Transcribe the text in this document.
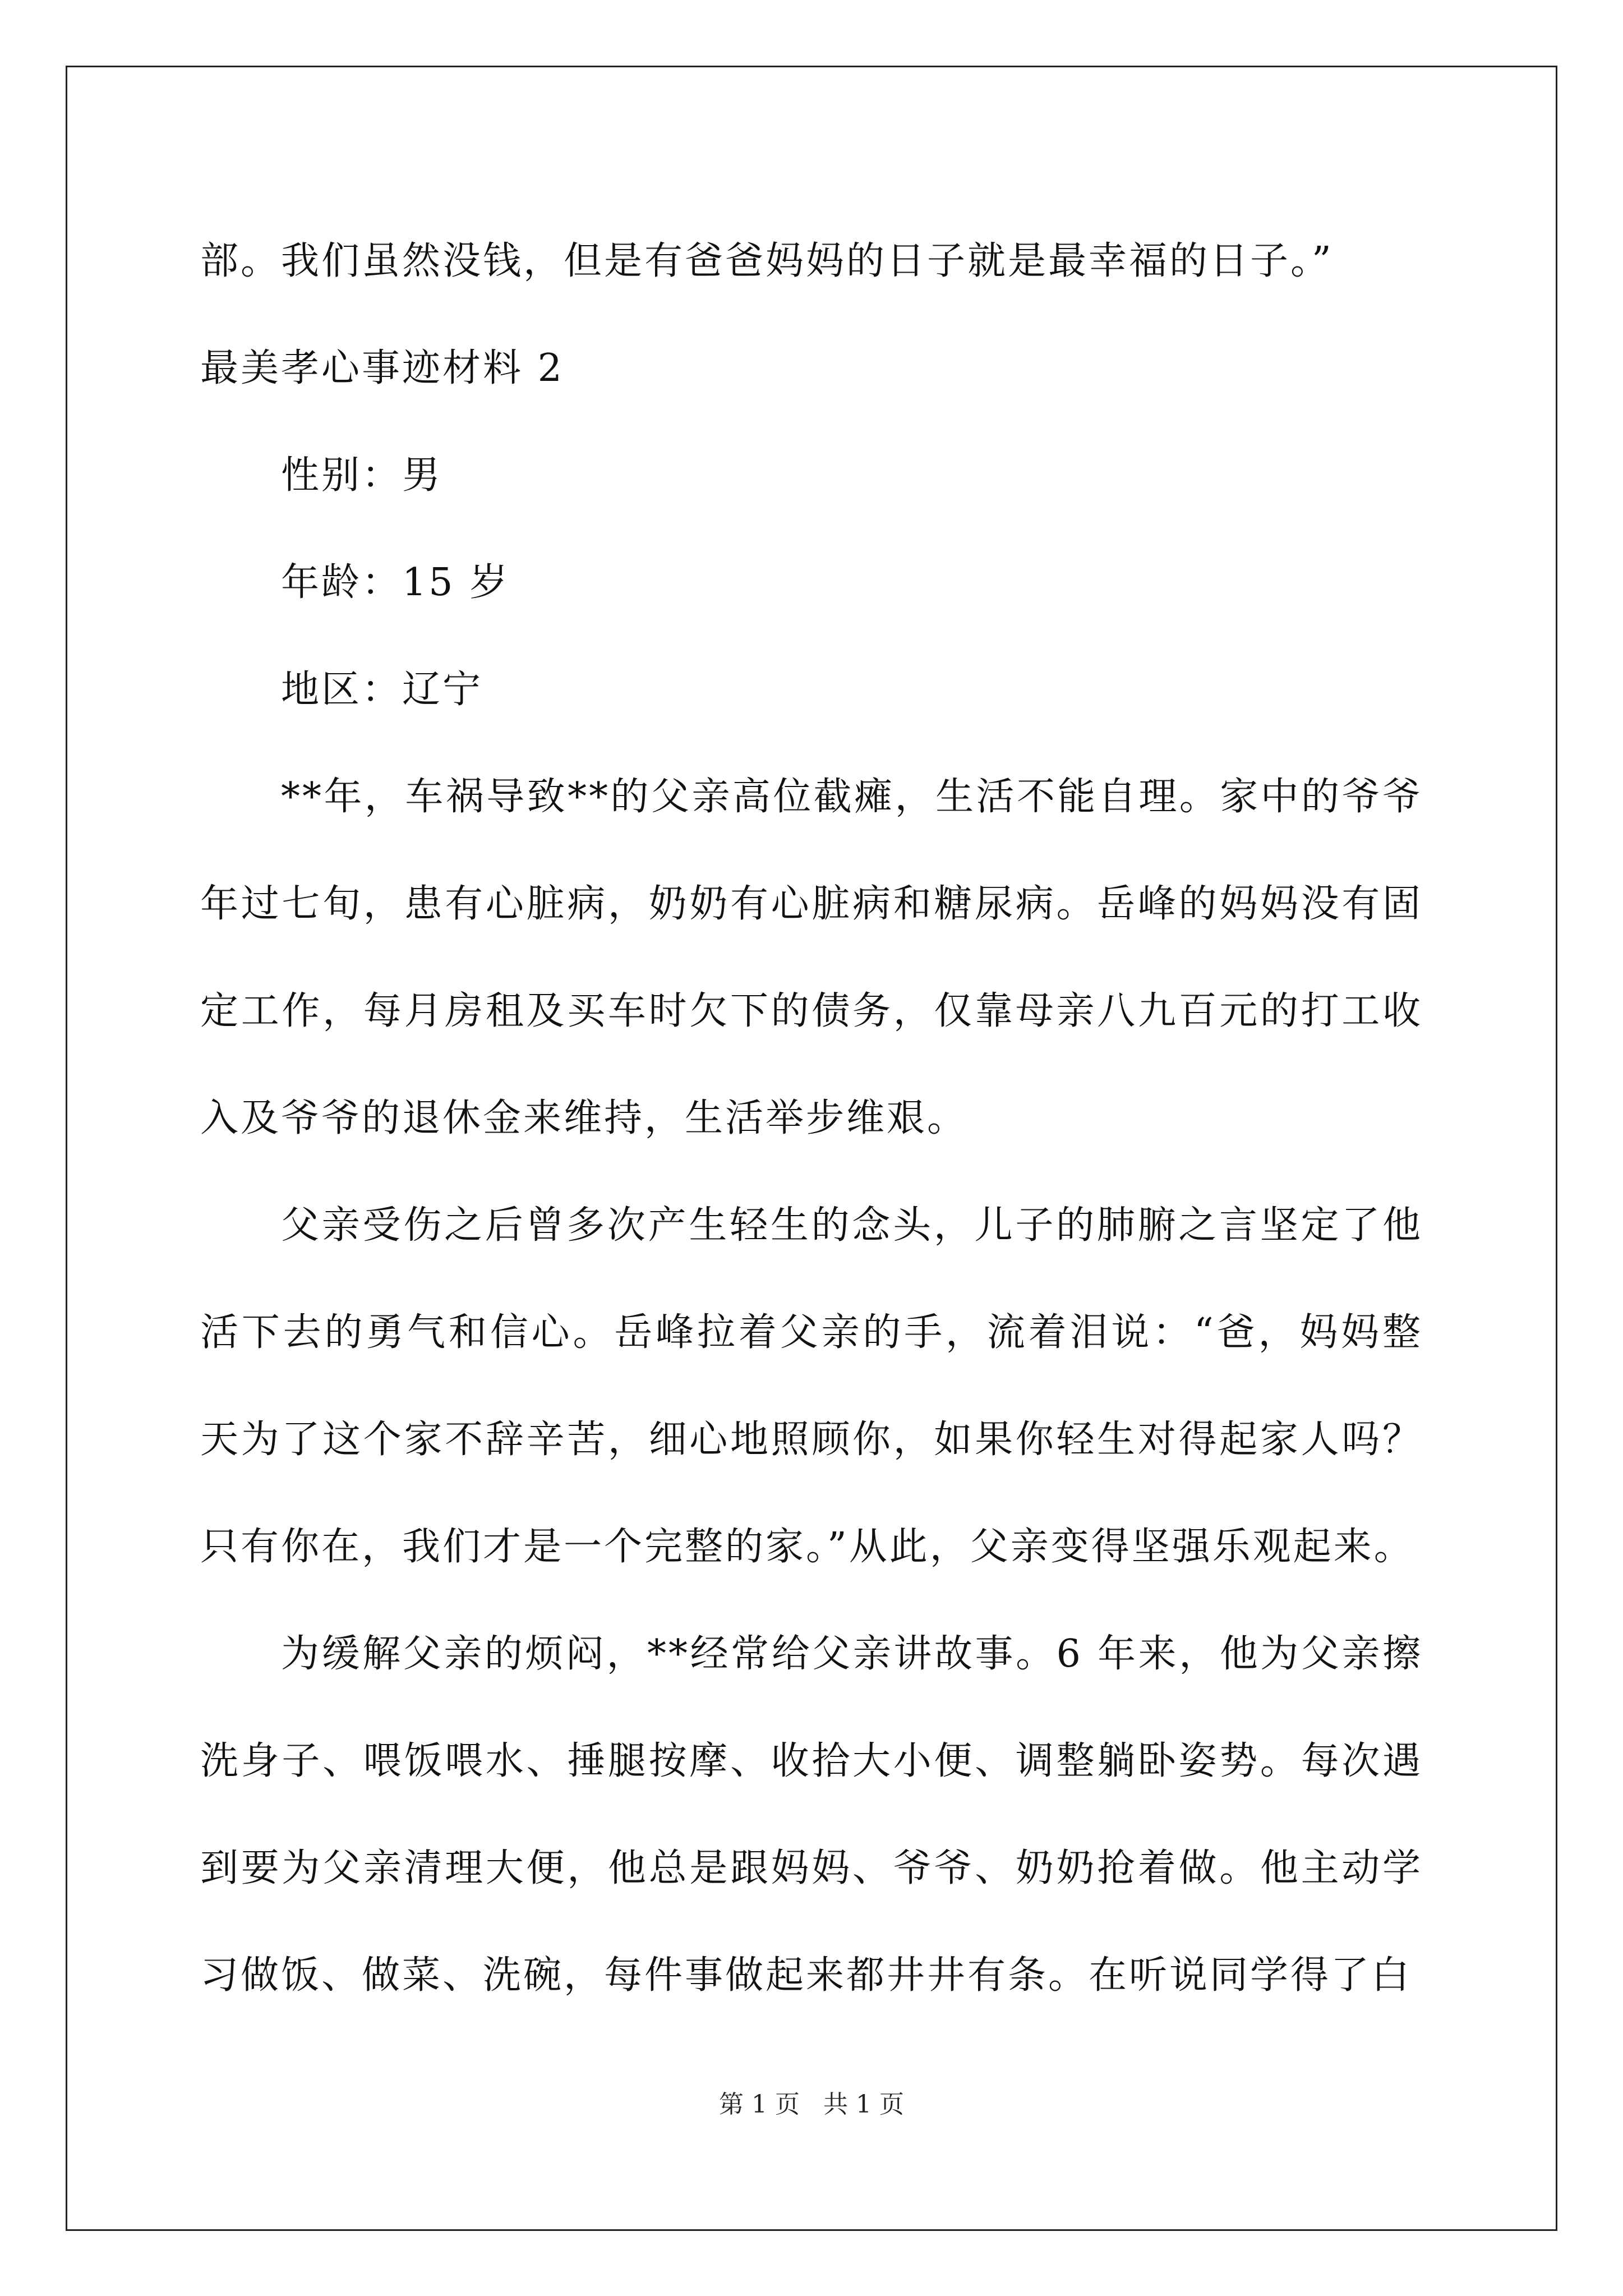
部。我们虽然没钱，但是有爸爸妈妈的日子就是最幸福的日子。”

最美孝心事迹材料 2

性别：男

年龄：15 岁

地区：辽宁

**年，车祸导致**的父亲高位截瘫，生活不能自理。家中的爷爷年过七旬，患有心脏病，奶奶有心脏病和糖尿病。岳峰的妈妈没有固定工作，每月房租及买车时欠下的债务，仅靠母亲八九百元的打工收入及爷爷的退休金来维持，生活举步维艰。

父亲受伤之后曾多次产生轻生的念头，儿子的肺腑之言坚定了他活下去的勇气和信心。岳峰拉着父亲的手，流着泪说：“爸，妈妈整天为了这个家不辞辛苦，细心地照顾你，如果你轻生对得起家人吗？只有你在，我们才是一个完整的家。”从此，父亲变得坚强乐观起来。

为缓解父亲的烦闷，**经常给父亲讲故事。6 年来，他为父亲擦洗身子、喂饭喂水、捶腿按摩、收拾大小便、调整躺卧姿势。每次遇到要为父亲清理大便，他总是跟妈妈、爷爷、奶奶抢着做。他主动学习做饭、做菜、洗碗，每件事做起来都井井有条。在听说同学得了白

第 1 页 共 1 页
